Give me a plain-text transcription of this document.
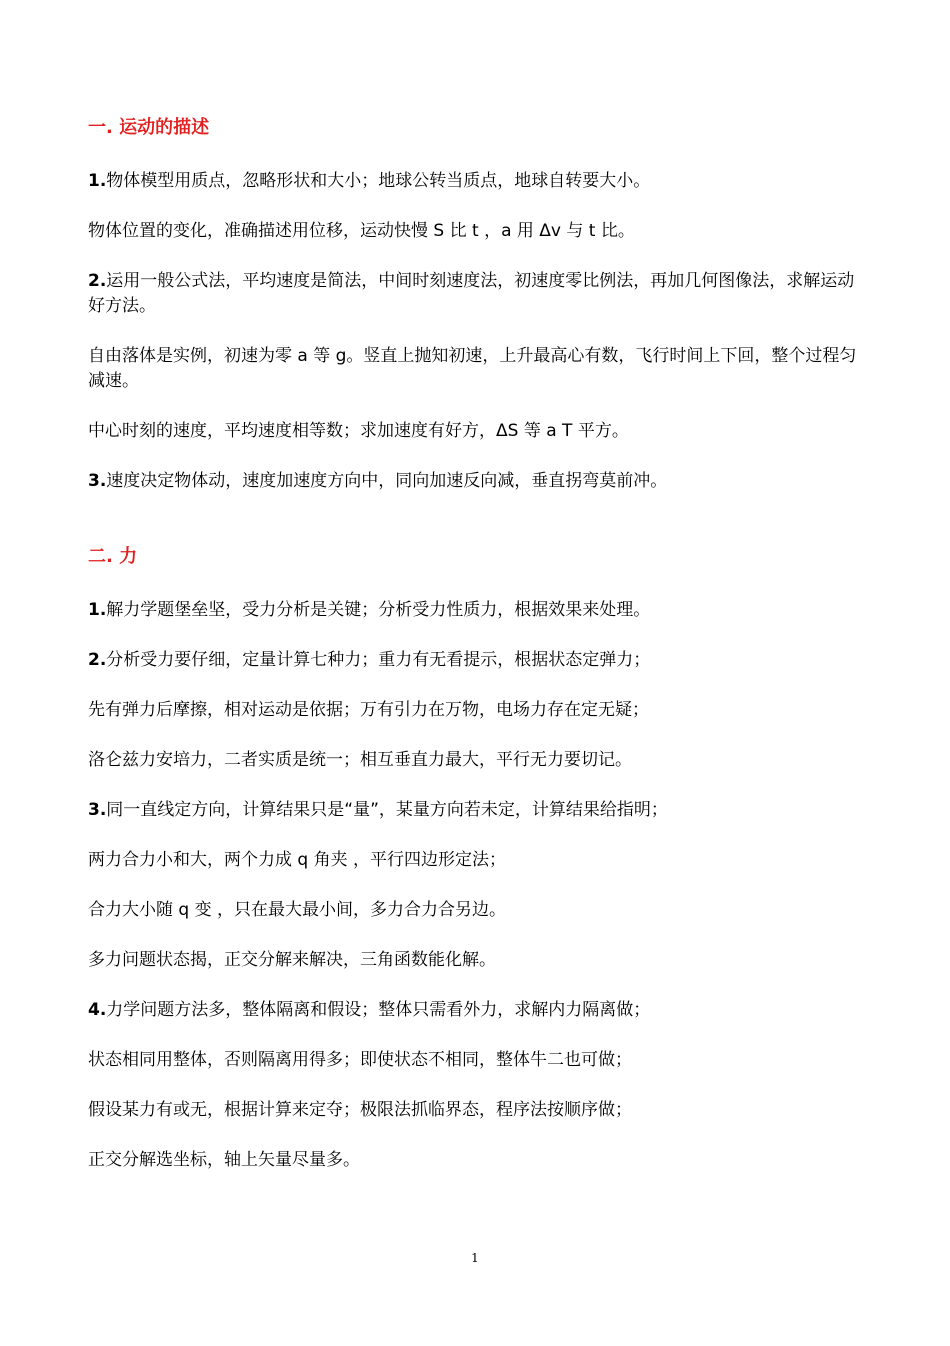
一. 运动的描述

1.物体模型用质点，忽略形状和大小；地球公转当质点，地球自转要大小。

物体位置的变化，准确描述用位移，运动快慢 S 比 t ，a 用 Δv 与 t 比。

2.运用一般公式法，平均速度是简法，中间时刻速度法，初速度零比例法，再加几何图像法，求解运动好方法。

自由落体是实例，初速为零 a 等 g。竖直上抛知初速，上升最高心有数，飞行时间上下回，整个过程匀减速。

中心时刻的速度，平均速度相等数；求加速度有好方，ΔS 等 a T 平方。

3.速度决定物体动，速度加速度方向中，同向加速反向减，垂直拐弯莫前冲。

二. 力

1.解力学题堡垒坚，受力分析是关键；分析受力性质力，根据效果来处理。

2.分析受力要仔细，定量计算七种力；重力有无看提示，根据状态定弹力；

先有弹力后摩擦，相对运动是依据；万有引力在万物，电场力存在定无疑；

洛仑兹力安培力，二者实质是统一；相互垂直力最大，平行无力要切记。

3.同一直线定方向，计算结果只是“量”，某量方向若未定，计算结果给指明；

两力合力小和大，两个力成 q 角夹 ，平行四边形定法；

合力大小随 q 变 ，只在最大最小间，多力合力合另边。

多力问题状态揭，正交分解来解决，三角函数能化解。

4.力学问题方法多，整体隔离和假设；整体只需看外力，求解内力隔离做；

状态相同用整体，否则隔离用得多；即使状态不相同，整体牛二也可做；

假设某力有或无，根据计算来定夺；极限法抓临界态，程序法按顺序做；

正交分解选坐标，轴上矢量尽量多。

1
